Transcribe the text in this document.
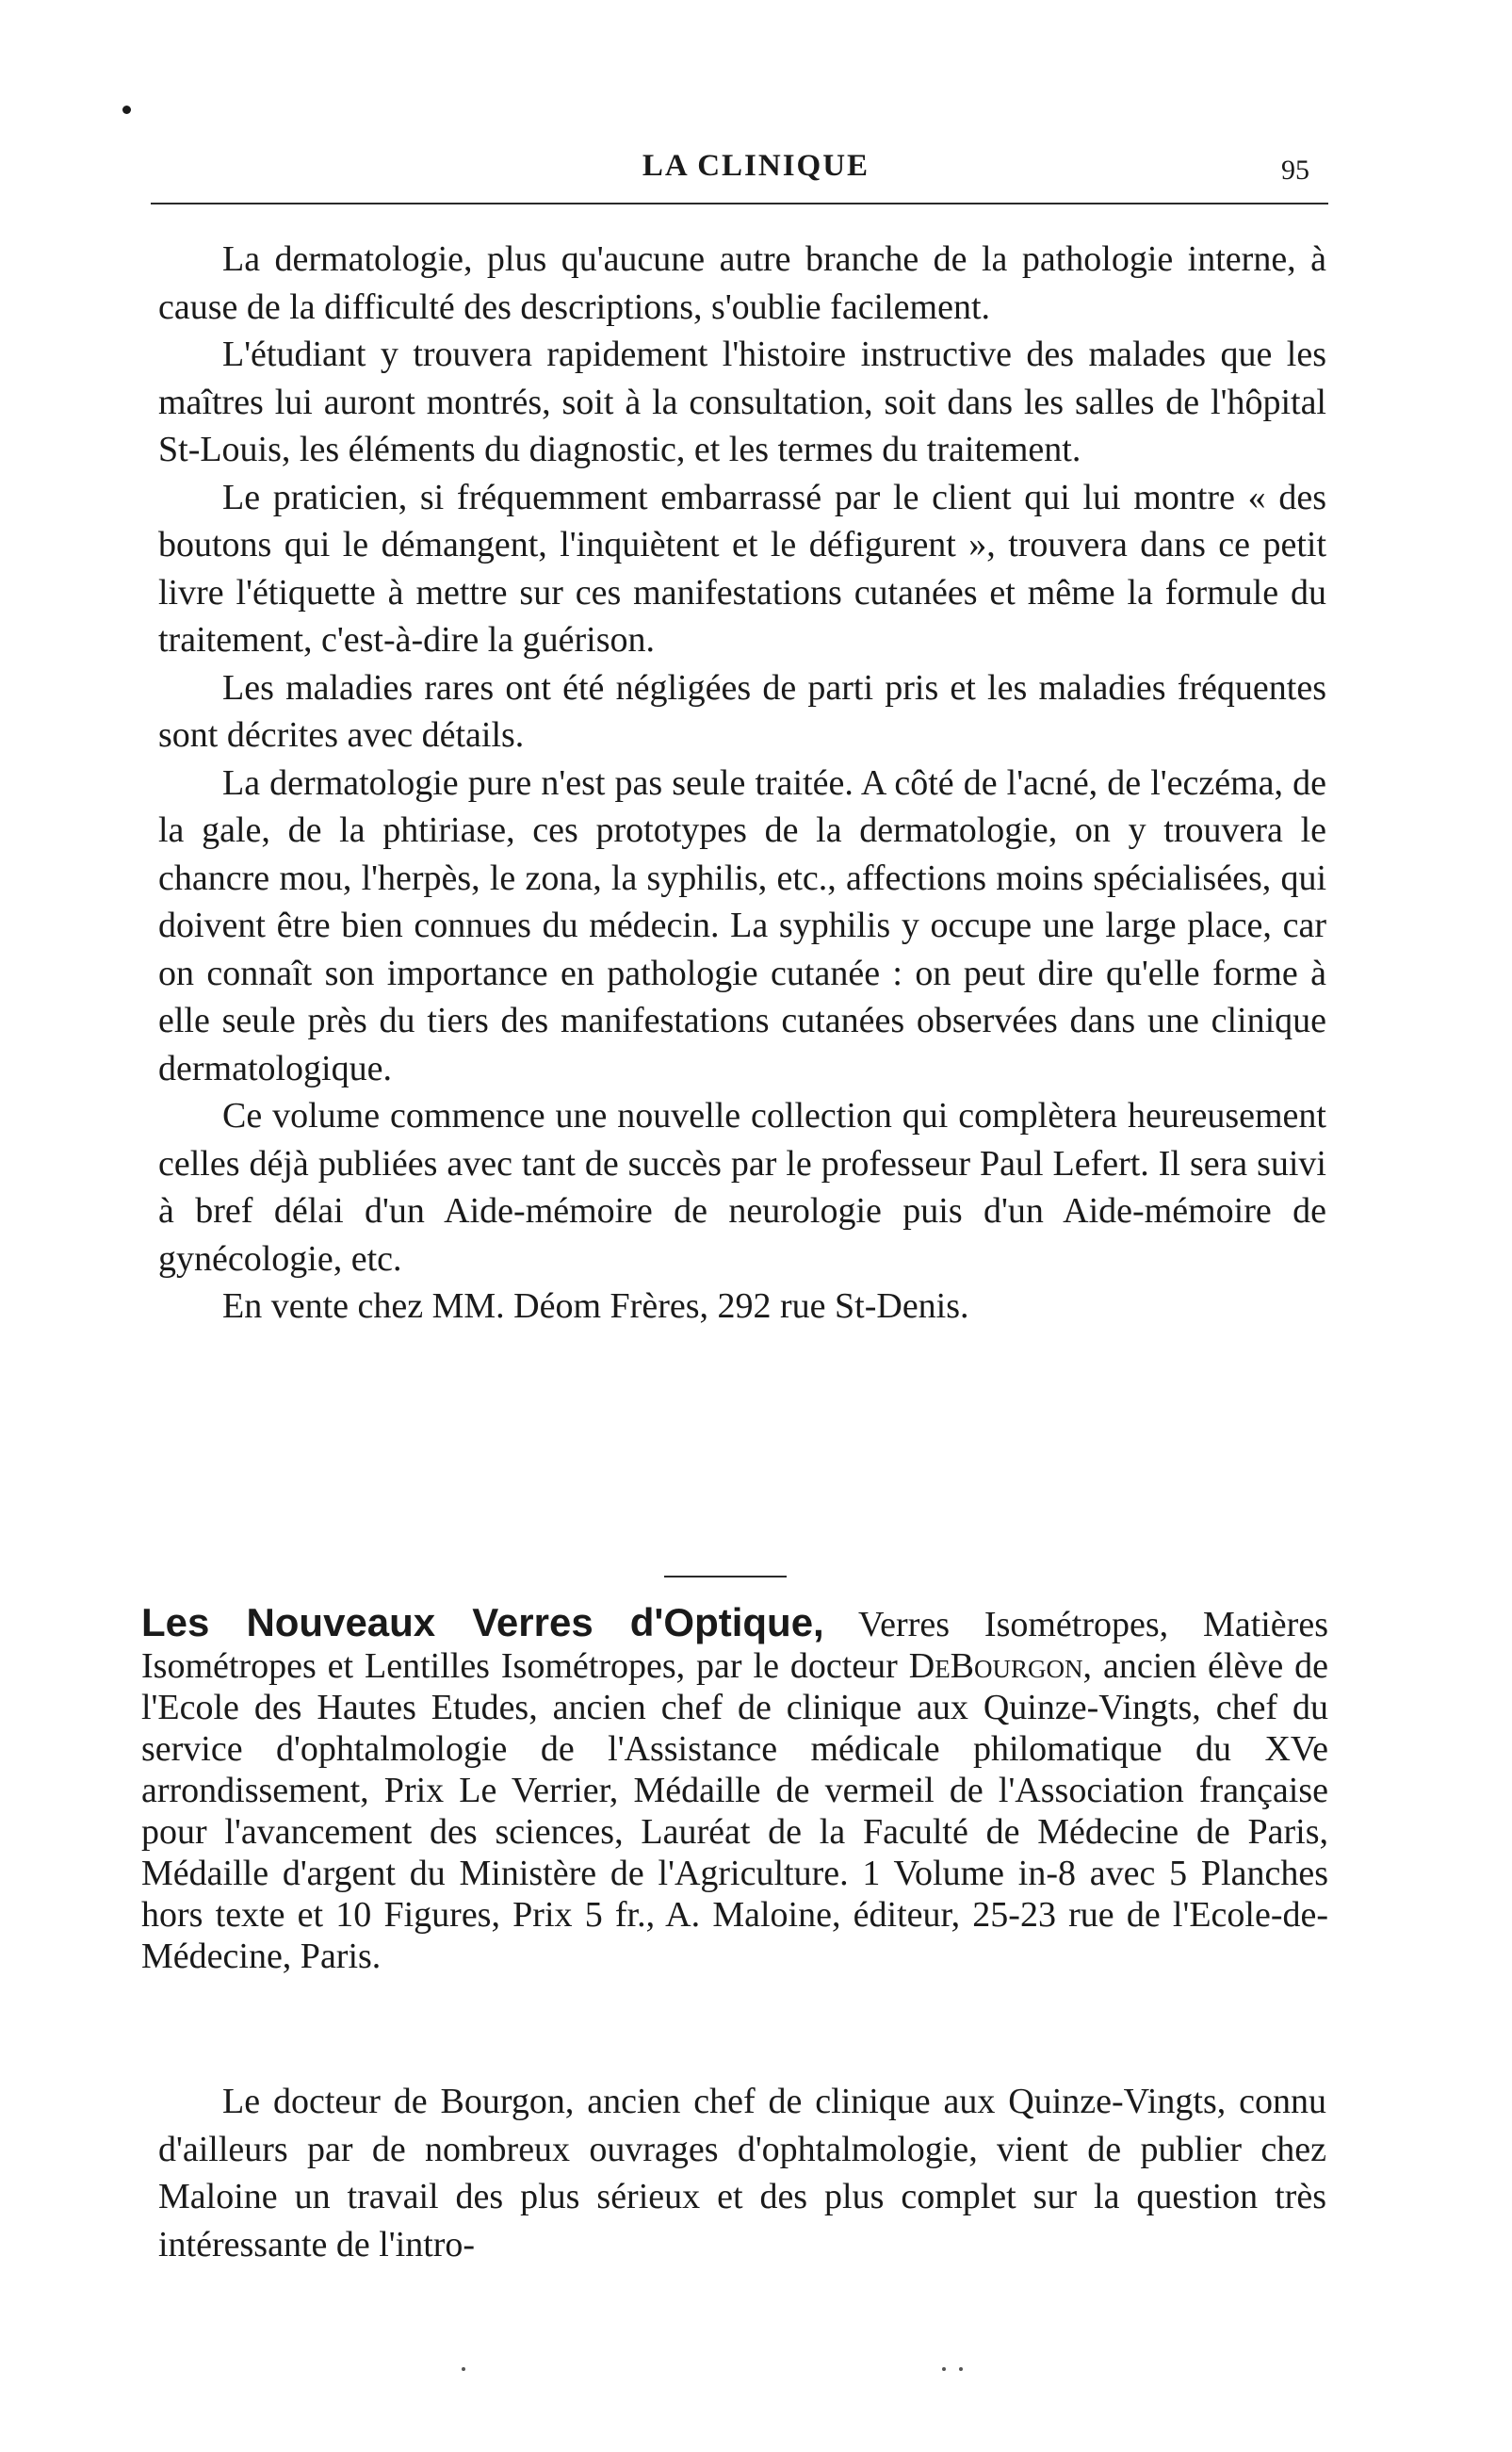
LA CLINIQUE	95

La dermatologie, plus qu'aucune autre branche de la pathologie interne, à cause de la difficulté des descriptions, s'oublie facilement.

L'étudiant y trouvera rapidement l'histoire instructive des malades que les maîtres lui auront montrés, soit à la consultation, soit dans les salles de l'hôpital St-Louis, les éléments du diagnostic, et les termes du traitement.

Le praticien, si fréquemment embarrassé par le client qui lui montre « des boutons qui le démangent, l'inquiètent et le défigurent », trouvera dans ce petit livre l'étiquette à mettre sur ces manifestations cutanées et même la formule du traitement, c'est-à-dire la guérison.

Les maladies rares ont été négligées de parti pris et les maladies fréquentes sont décrites avec détails.

La dermatologie pure n'est pas seule traitée. A côté de l'acné, de l'eczéma, de la gale, de la phtiriase, ces prototypes de la dermatologie, on y trouvera le chancre mou, l'herpès, le zona, la syphilis, etc., affections moins spécialisées, qui doivent être bien connues du médecin. La syphilis y occupe une large place, car on connaît son importance en pathologie cutanée : on peut dire qu'elle forme à elle seule près du tiers des manifestations cutanées observées dans une clinique dermatologique.

Ce volume commence une nouvelle collection qui complètera heureusement celles déjà publiées avec tant de succès par le professeur Paul Lefert. Il sera suivi à bref délai d'un Aide-mémoire de neurologie puis d'un Aide-mémoire de gynécologie, etc.

En vente chez MM. Déom Frères, 292 rue St-Denis.

Les Nouveaux Verres d'Optique, Verres Isométropes, Matières Isométropes et Lentilles Isométropes, par le docteur DeBourgon, ancien élève de l'Ecole des Hautes Etudes, ancien chef de clinique aux Quinze-Vingts, chef du service d'ophtalmologie de l'Assistance médicale philomatique du XVe arrondissement, Prix Le Verrier, Médaille de vermeil de l'Association française pour l'avancement des sciences, Lauréat de la Faculté de Médecine de Paris, Médaille d'argent du Ministère de l'Agriculture. 1 Volume in-8 avec 5 Planches hors texte et 10 Figures, Prix 5 fr., A. Maloine, éditeur, 25-23 rue de l'Ecole-de-Médecine, Paris.

Le docteur de Bourgon, ancien chef de clinique aux Quinze-Vingts, connu d'ailleurs par de nombreux ouvrages d'ophtalmologie, vient de publier chez Maloine un travail des plus sérieux et des plus complet sur la question très intéressante de l'intro-
